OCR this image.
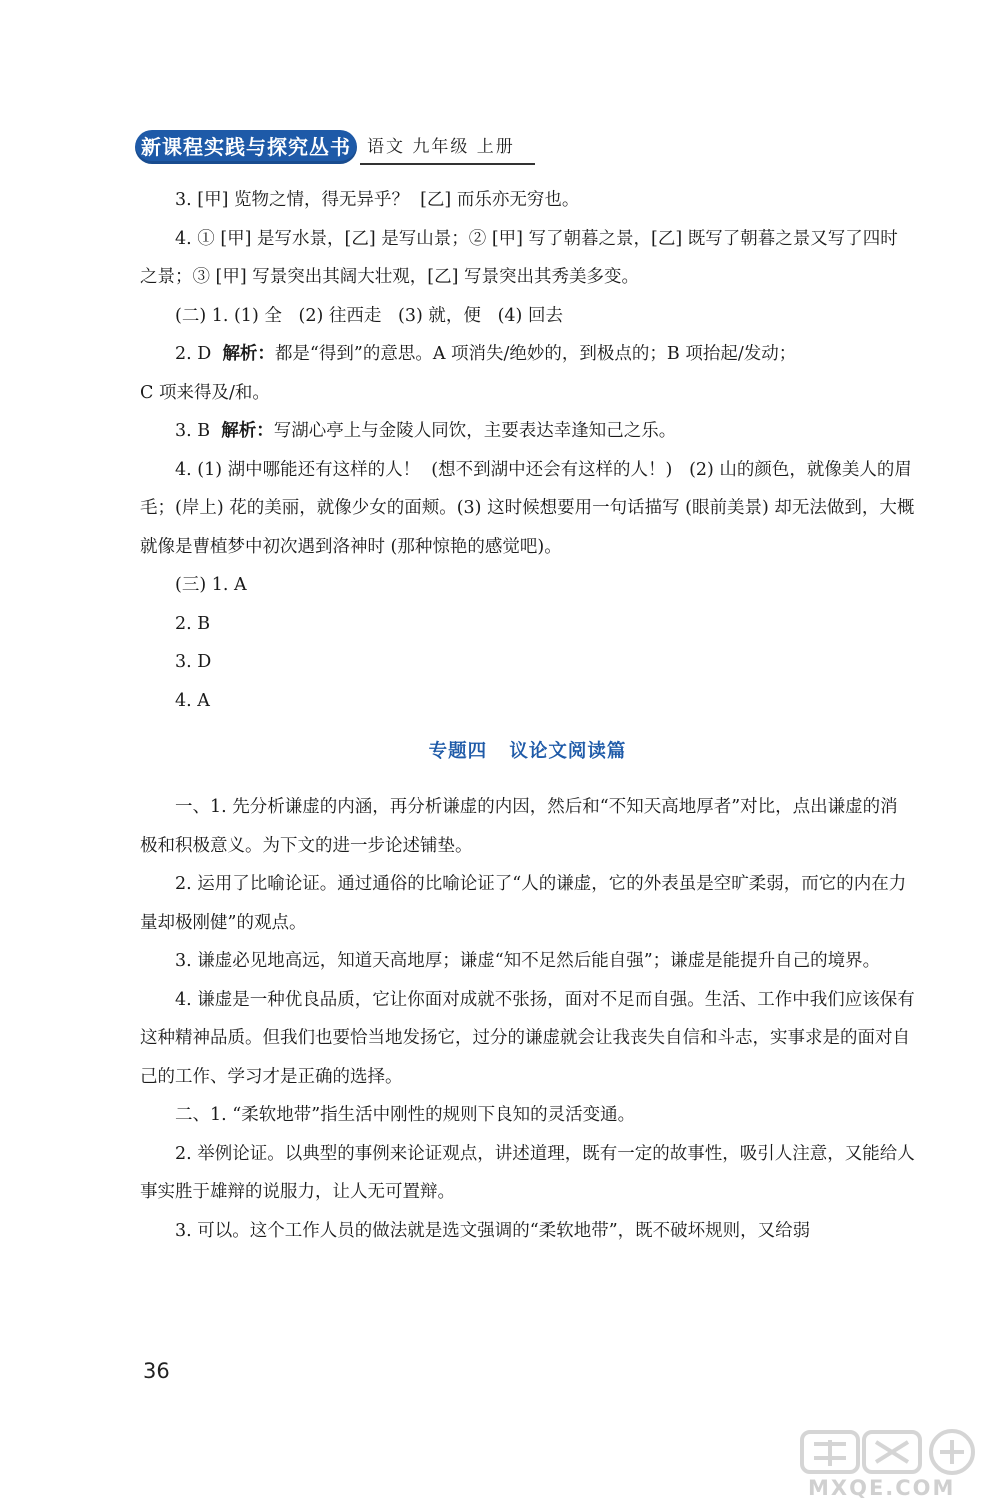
新课程实践与探究丛书 语文 九年级 上册

3. [甲] 览物之情，得无异乎？  [乙] 而乐亦无穷也。

4. ① [甲] 是写水景，[乙] 是写山景；② [甲] 写了朝暮之景，[乙] 既写了朝暮之景又写了四时之景；③ [甲] 写景突出其阔大壮观，[乙] 写景突出其秀美多变。

(二) 1. (1) 全   (2) 往西走   (3) 就，便   (4) 回去

2. D 解析：都是“得到”的意思。A 项消失/绝妙的，到极点的；B 项抬起/发动；

C 项来得及/和。

3. B 解析：写湖心亭上与金陵人同饮，主要表达幸逢知己之乐。

4. (1) 湖中哪能还有这样的人！  (想不到湖中还会有这样的人！)   (2) 山的颜色，就像美人的眉毛；(岸上) 花的美丽，就像少女的面颊。(3) 这时候想要用一句话描写 (眼前美景) 却无法做到，大概就像是曹植梦中初次遇到洛神时 (那种惊艳的感觉吧)。

(三) 1. A

2. B

3. D

4. A

专题四   议论文阅读篇

一、1. 先分析谦虚的内涵，再分析谦虚的内因，然后和“不知天高地厚者”对比，点出谦虚的消极和积极意义。为下文的进一步论述铺垫。

2. 运用了比喻论证。通过通俗的比喻论证了“人的谦虚，它的外表虽是空旷柔弱，而它的内在力量却极刚健”的观点。

3. 谦虚必见地高远，知道天高地厚；谦虚“知不足然后能自强”；谦虚是能提升自己的境界。

4. 谦虚是一种优良品质，它让你面对成就不张扬，面对不足而自强。生活、工作中我们应该保有这种精神品质。但我们也要恰当地发扬它，过分的谦虚就会让我丧失自信和斗志，实事求是的面对自己的工作、学习才是正确的选择。

二、1. “柔软地带”指生活中刚性的规则下良知的灵活变通。

2. 举例论证。以典型的事例来论证观点，讲述道理，既有一定的故事性，吸引人注意，又能给人事实胜于雄辩的说服力，让人无可置辩。

3. 可以。这个工作人员的做法就是选文强调的“柔软地带”，既不破坏规则，又给弱

36
MXQE.COM
